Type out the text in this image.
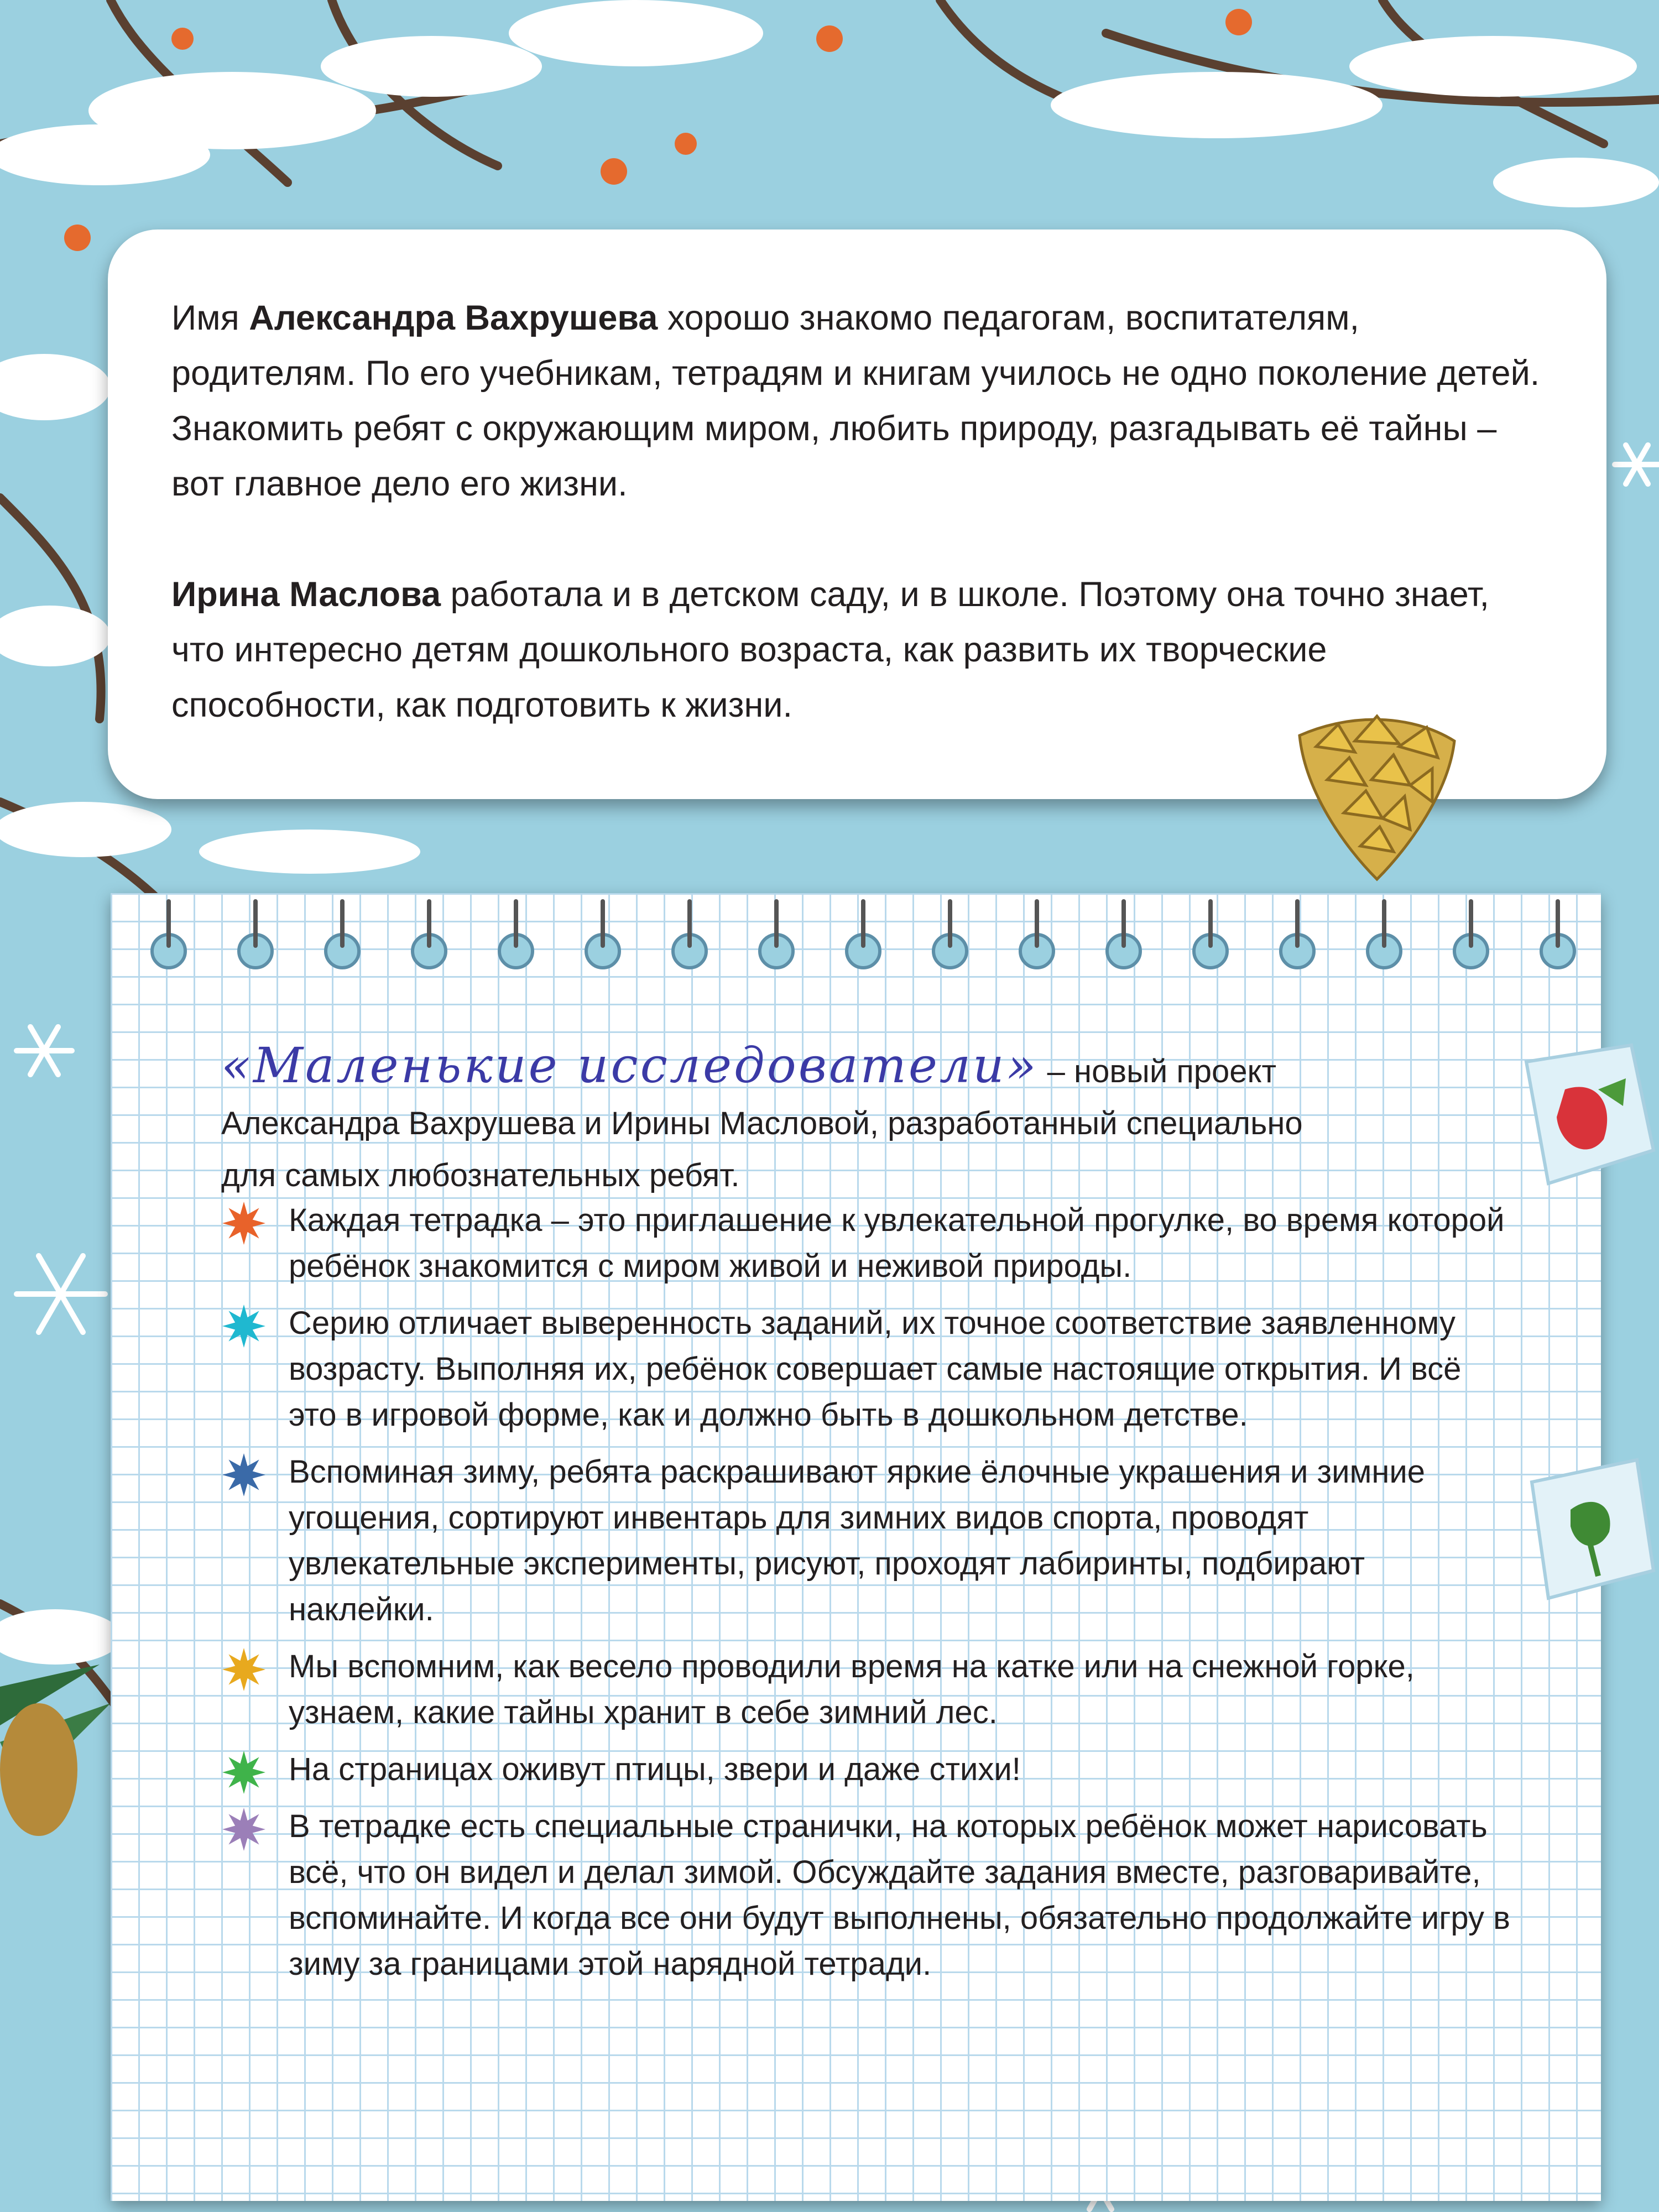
Имя Александра Вахрушева хорошо знакомо педагогам, воспитателям, родителям. По его учебникам, тетрадям и книгам училось не одно поколение детей. Знакомить ребят с окружающим миром, любить природу, разгадывать её тайны – вот главное дело его жизни.

Ирина Маслова работала и в детском саду, и в школе. Поэтому она точно знает, что интересно детям дошкольного возраста, как развить их творческие способности, как подготовить к жизни.

«Маленькие исследователи» – новый проект
Александра Вахрушева и Ирины Масловой, разработанный специально
для самых любознательных ребят.
Каждая тетрадка – это приглашение к увлекательной прогулке, во время которой ребёнок знакомится с миром живой и неживой природы.
Серию отличает выверенность заданий, их точное соответствие заявленному возрасту. Выполняя их, ребёнок совершает самые настоящие открытия. И всё это в игровой форме, как и должно быть в дошкольном детстве.
Вспоминая зиму, ребята раскрашивают яркие ёлочные украшения и зимние угощения, сортируют инвентарь для зимних видов спорта, проводят увлекательные эксперименты, рисуют, проходят лабиринты, подбирают наклейки.
Мы вспомним, как весело проводили время на катке или на снежной горке, узнаем, какие тайны хранит в себе зимний лес.
На страницах оживут птицы, звери и даже стихи!
В тетрадке есть специальные странички, на которых ребёнок может нарисовать всё, что он видел и делал зимой. Обсуждайте задания вместе, разговаривайте, вспоминайте. И когда все они будут выполнены, обязательно продолжайте игру в зиму за границами этой нарядной тетради.
